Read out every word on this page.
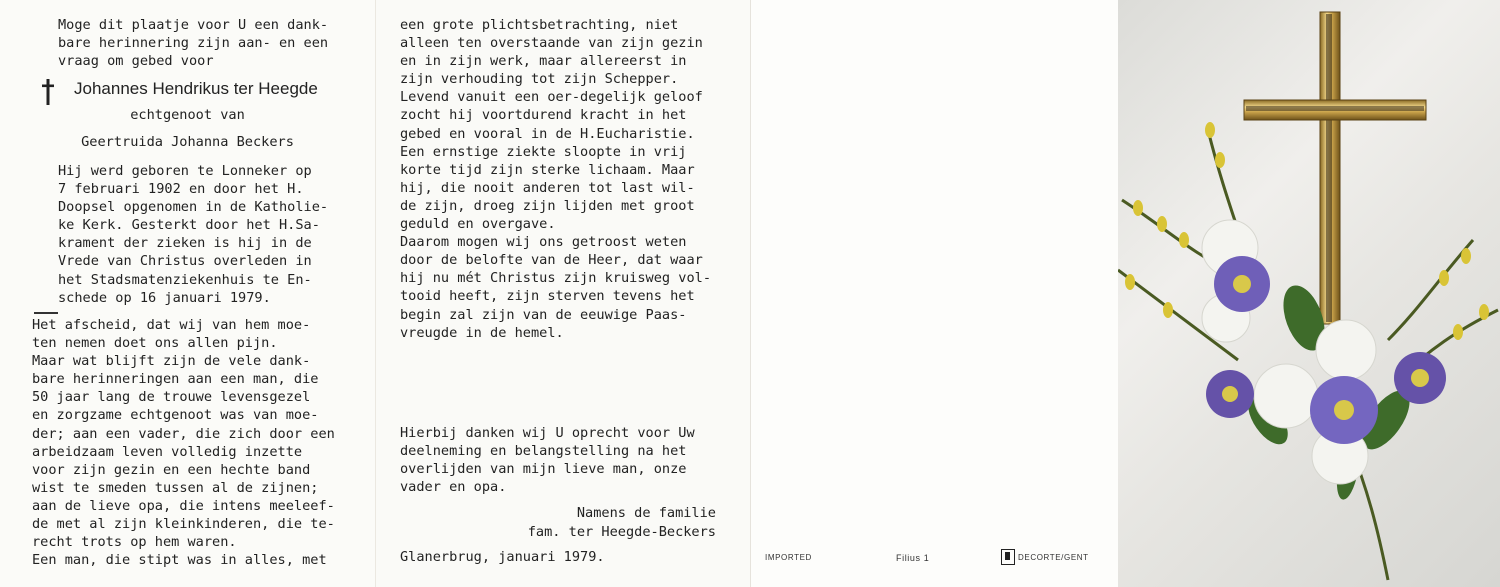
Moge dit plaatje voor U een dank-
bare herinnering zijn aan- en een
vraag om gebed voor

Johannes Hendrikus ter Heegde

echtgenoot van

Geertruida Johanna Beckers

Hij werd geboren te Lonneker op
7 februari 1902 en door het H.
Doopsel opgenomen in de Katholie-
ke Kerk. Gesterkt door het H.Sa-
krament der zieken is hij in de
Vrede van Christus overleden in
het Stadsmatenziekenhuis te En-
schede op 16 januari 1979.

Het afscheid, dat wij van hem moe-
ten nemen doet ons allen pijn.
Maar wat blijft zijn de vele dank-
bare herinneringen aan een man, die
50 jaar lang de trouwe levensgezel
en zorgzame echtgenoot was van moe-
der; aan een vader, die zich door een
arbeidzaam leven volledig inzette
voor zijn gezin en een hechte band
wist te smeden tussen al de zijnen;
aan de lieve opa, die intens meeleef-
de met al zijn kleinkinderen, die te-
recht trots op hem waren.
Een man, die stipt was in alles, met

een grote plichtsbetrachting, niet
alleen ten overstaande van zijn gezin
en in zijn werk, maar allereerst in
zijn verhouding tot zijn Schepper.
Levend vanuit een oer-degelijk geloof
zocht hij voortdurend kracht in het
gebed en vooral in de H.Eucharistie.
Een ernstige ziekte sloopte in vrij
korte tijd zijn sterke lichaam. Maar
hij, die nooit anderen tot last wil-
de zijn, droeg zijn lijden met groot
geduld en overgave.
Daarom mogen wij ons getroost weten
door de belofte van de Heer, dat waar
hij nu mét Christus zijn kruisweg vol-
tooid heeft, zijn sterven tevens het
begin zal zijn van de eeuwige Paas-
vreugde in de hemel.

Hierbij danken wij U oprecht voor Uw
deelneming en belangstelling na het
overlijden van mijn lieve man, onze
vader en opa.

Namens de familie
fam. ter Heegde-Beckers

Glanerbrug, januari 1979.	IMPORTED	Filius 1	DECORTE/GENT
